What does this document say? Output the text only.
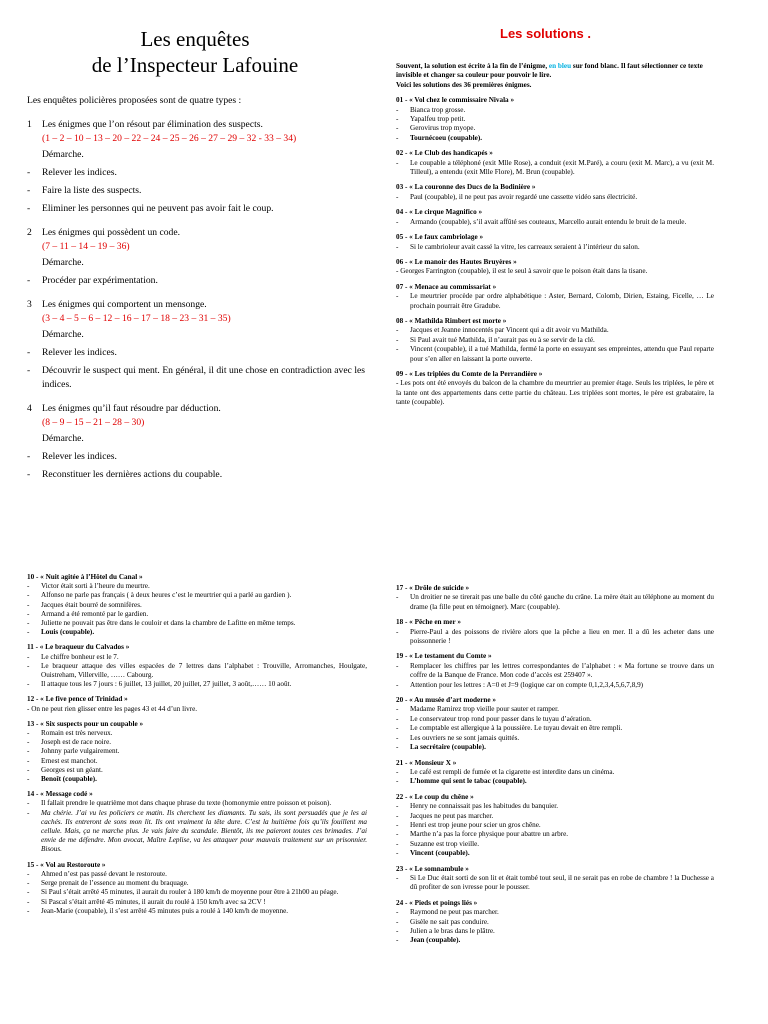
Les enquêtes
de l’Inspecteur Lafouine
Les enquêtes policières proposées sont de quatre types :
1 Les énigmes que l’on résout par élimination des suspects.
(1 – 2 – 10 – 13 – 20 – 22 – 24 – 25 – 26 – 27 – 29 – 32 - 33 – 34)
Démarche.
-	Relever les indices.
-	Faire la liste des suspects.
-	Eliminer les personnes qui ne peuvent pas avoir fait le coup.
2 Les énigmes qui possèdent un code.
(7 – 11 – 14 – 19 – 36)
Démarche.
-	Procéder par expérimentation.
3 Les énigmes qui comportent un mensonge.
(3 – 4 – 5 – 6 – 12 – 16 – 17 – 18 – 23 – 31 – 35)
Démarche.
-	Relever les indices.
-	Découvrir le suspect qui ment. En général, il dit une chose en contradiction avec les indices.
4 Les énigmes qu’il faut résoudre par déduction.
(8 – 9 – 15 – 21 – 28 – 30)
Démarche.
-	Relever les indices.
-	Reconstituer les dernières actions du coupable.
Les solutions .
Souvent, la solution est écrite à la fin de l’énigme, en bleu sur fond blanc. Il faut sélectionner ce texte invisible et changer sa couleur pour pouvoir le lire.
Voici les solutions des 36 premières énigmes.
01 - « Vol chez le commissaire Nivala »
-	Bianca trop grosse.
-	Yapalfeu trop petit.
-	Gerovirus trop myope.
-	Tournécoeu (coupable).
02 - « Le Club des handicapés »
-	Le coupable a téléphoné (exit Mlle Rose), a conduit (exit M.Paré), a couru (exit M. Marc), a vu (exit M. Tilleul), a entendu (exit Mlle Flore), M. Brun (coupable).
03 - « La couronne des Ducs de la Bodinière »
-	Paul (coupable), il ne peut pas avoir regardé une cassette vidéo sans électricité.
04 - « Le cirque Magnifico »
-	Armando (coupable), s’il avait affûté ses couteaux, Marcello aurait entendu le bruit de la meule.
05 - « Le faux cambriolage »
-	Si le cambrioleur avait cassé la vitre, les carreaux seraient à l’intérieur du salon.
06 - « Le manoir des Hautes Bruyères »
- Georges Farrington (coupable), il est le seul à savoir que le poison était dans la tisane.
07 - « Menace au commissariat »
-	Le meurtrier procède par ordre alphabétique : Aster, Bernard, Colomb, Dirien, Estaing, Ficelle, … Le prochain pourrait être Gradube.
08 - « Mathilda Rimbert est morte »
-	Jacques et Jeanne innocentés par Vincent qui a dit avoir vu Mathilda.
-	Si Paul avait tué Mathilda, il n’aurait pas eu à se servir de la clé.
-	Vincent (coupable), il a tué Mathilda, fermé la porte en essuyant ses empreintes, attendu que Paul reparte pour s’en aller en laissant la porte ouverte.
09 - « Les triplées du Comte de la Perrandière »
- Les pots ont été envoyés du balcon de la chambre du meurtrier au premier étage. Seuls les triplées, le père et la tante ont des appartements dans cette partie du château. Les triplées sont mortes, le père est grabataire, la tante (coupable).
10 - « Nuit agitée à l’Hôtel du Canal »
-	Victor était sorti à l’heure du meurtre.
-	Alfonso ne parle pas français ( à deux heures c’est le meurtrier qui a parlé au gardien ).
-	Jacques était bourré de somnifères.
-	Armand a été remonté par le gardien.
-	Juliette ne pouvait pas être dans le couloir et dans la chambre de Lafitte en même temps.
-	Louis (coupable).
11 - « Le braqueur du Calvados »
-	Le chiffre bonheur est le 7.
-	Le braqueur attaque des villes espacées de 7 lettres dans l’alphabet : Trouville, Arromanches, Houlgate, Ouistreham, Villerville, …… Cabourg.
-	Il attaque tous les 7 jours : 6 juillet, 13 juillet, 20 juillet, 27 juillet, 3 août,…… 10 août.
12 - « Le five pence of Trinidad »
- On ne peut rien glisser entre les pages 43 et 44 d’un livre.
13 - « Six suspects pour un coupable »
-	Romain est très nerveux.
-	Joseph est de race noire.
-	Johnny parle vulgairement.
-	Ernest est manchot.
-	Georges est un géant.
-	Benoît (coupable).
14 - « Message codé »
-	Il fallait prendre le quatrième mot dans chaque phrase du texte (homonymie entre poisson et poison).
-	Ma chérie. J’ai vu les policiers ce matin. Ils cherchent les diamants. Tu sais, ils sont persuadés que je les ai cachés. Ils entreront de sons mon lit. Ils ont vraiment la tête dure. C’est la huitième fois qu’ils fouillent ma cellule. Mais, ça ne marche plus. Je vais faire du scandale. Bientôt, ils me paieront toutes ces brimades. J’ai envie de me défendre. Mon avocat, Maître Leplise, va les attaquer pour mauvais traitement sur un prisonnier. Bisous.
15 - « Vol au Restoroute »
-	Ahmed n’est pas passé devant le restoroute.
-	Serge prenait de l’essence au moment du braquage.
-	Si Paul s’était arrêté 45 minutes, il aurait du rouler à 180 km/h de moyenne pour être à 21h00 au péage.
-	Si Pascal s’était arrêté 45 minutes, il aurait du roulé à 150 km/h avec sa 2CV !
-	Jean-Marie (coupable), il s’est arrêté 45 minutes puis a roulé à 140 km/h de moyenne.
17 - « Drôle de suicide »
-	Un droitier ne se tirerait pas une balle du côté gauche du crâne. La mère était au téléphone au moment du drame (la fille peut en témoigner). Marc (coupable).
18 - « Pêche en mer »
-	Pierre-Paul a des poissons de rivière alors que la pêche a lieu en mer. Il a dû les acheter dans une poissonnerie !
19 - « Le testament du Comte »
-	Remplacer les chiffres par les lettres correspondantes de l’alphabet : « Ma fortune se trouve dans un coffre de la Banque de France. Mon code d’accès est 259407 ».
-	Attention pour les lettres : A=0 et J=9 (logique car on compte 0,1,2,3,4,5,6,7,8,9)
20 - « Au musée d’art moderne »
-	Madame Ramirez trop vieille pour sauter et ramper.
-	Le conservateur trop rond pour passer dans le tuyau d’aération.
-	Le comptable est allergique à la poussière. Le tuyau devait en être rempli.
-	Les ouvriers ne se sont jamais quittés.
-	La secrétaire (coupable).
21 - « Monsieur X »
-	Le café est rempli de fumée et la cigarette est interdite dans un cinéma.
-	L’homme qui sent le tabac (coupable).
22 - « Le coup du chêne »
-	Henry ne connaissait pas les habitudes du banquier.
-	Jacques ne peut pas marcher.
-	Henri est trop jeune pour scier un gros chêne.
-	Marthe n’a pas la force physique pour abattre un arbre.
-	Suzanne est trop vieille.
-	Vincent (coupable).
23 - « Le somnambule »
-	Si Le Duc était sorti de son lit et était tombé tout seul, il ne serait pas en robe de chambre ! la Duchesse a dû profiter de son ivresse pour le pousser.
24 - « Pieds et poings liés »
-	Raymond ne peut pas marcher.
-	Gisèle ne sait pas conduire.
-	Julien a le bras dans le plâtre.
-	Jean (coupable).
